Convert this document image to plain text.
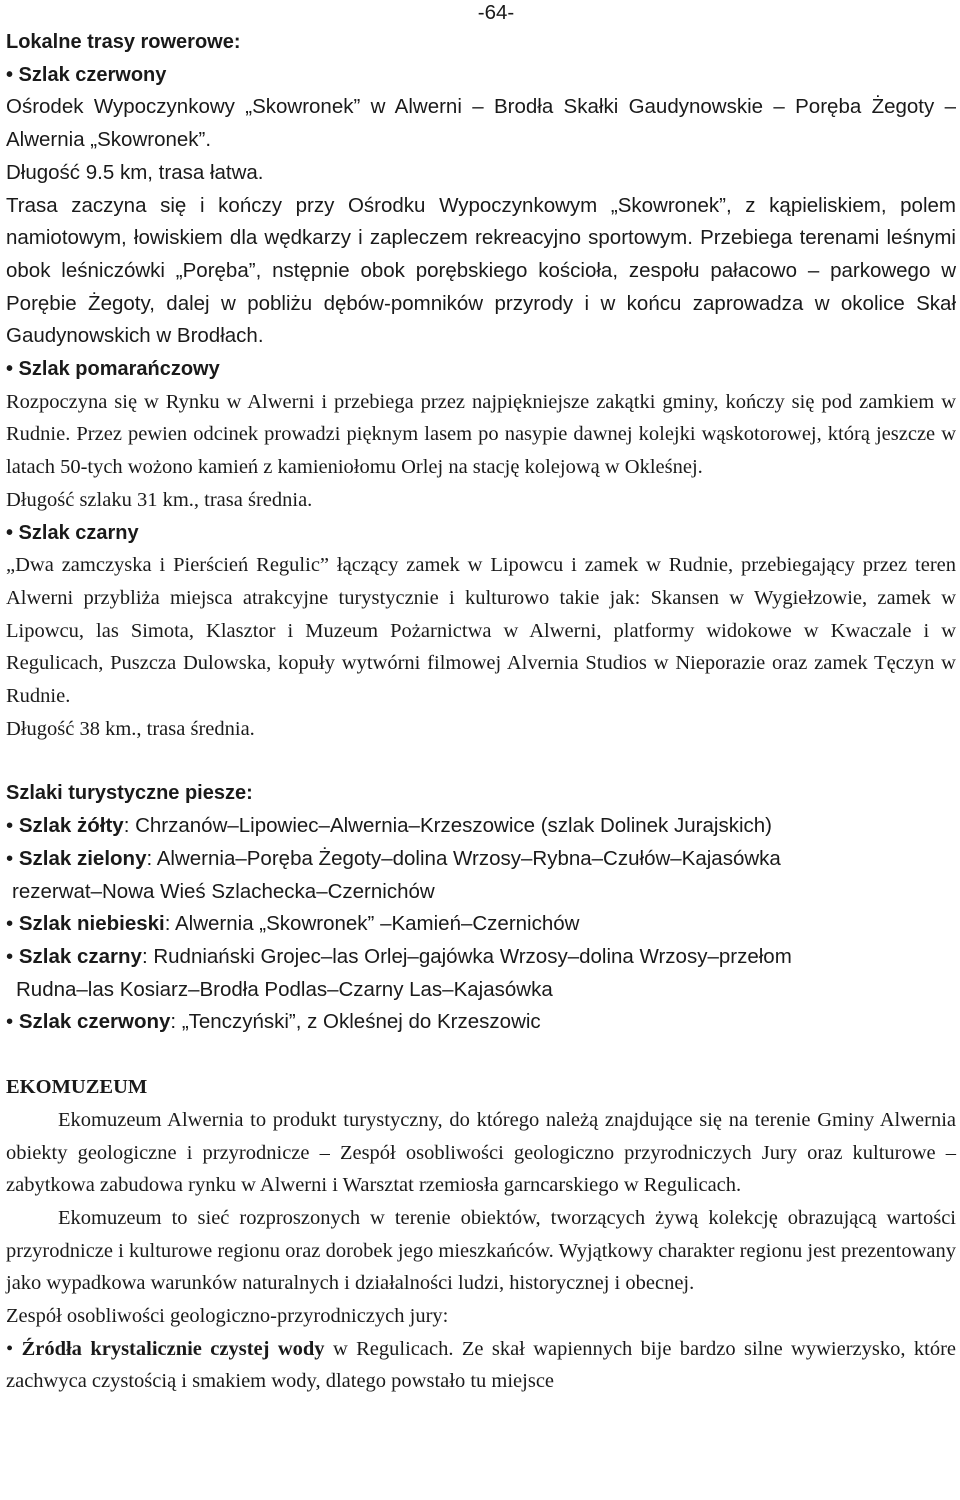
-64-

Lokalne trasy rowerowe:

• Szlak czerwony

Ośrodek Wypoczynkowy „Skowronek” w Alwerni – Brodła Skałki Gaudynowskie – Poręba Żegoty – Alwernia „Skowronek”.

Długość 9.5 km, trasa łatwa.

Trasa zaczyna się i kończy przy Ośrodku Wypoczynkowym „Skowronek”, z kąpieliskiem, polem namiotowym, łowiskiem dla wędkarzy i zapleczem rekreacyjno sportowym. Przebiega terenami leśnymi obok leśniczówki „Poręba”, nstępnie obok porębskiego kościoła, zespołu pałacowo – parkowego w Porębie Żegoty, dalej w pobliżu dębów-pomników przyrody i w końcu zaprowadza w okolice Skał Gaudynowskich w Brodłach.

• Szlak pomarańczowy

Rozpoczyna się w Rynku w Alwerni i przebiega przez najpiękniejsze zakątki gminy, kończy się pod zamkiem w Rudnie. Przez pewien odcinek prowadzi pięknym lasem po nasypie dawnej kolejki wąskotorowej, którą jeszcze w latach 50-tych wożono kamień z kamieniołomu Orlej na stację kolejową w Okleśnej.

Długość szlaku 31 km., trasa średnia.

• Szlak czarny

„Dwa zamczyska i Pierścień Regulic” łączący zamek w Lipowcu i zamek w Rudnie, przebiegający przez teren Alwerni przybliża miejsca atrakcyjne turystycznie i kulturowo takie jak: Skansen w Wygiełzowie, zamek w Lipowcu, las Simota, Klasztor i Muzeum Pożarnictwa w Alwerni, platformy widokowe w Kwaczale i w Regulicach, Puszcza Dulowska, kopuły wytwórni filmowej Alvernia Studios w Nieporazie oraz zamek Tęczyn w Rudnie.

Długość 38 km., trasa średnia.

Szlaki turystyczne piesze:

• Szlak żółty: Chrzanów–Lipowiec–Alwernia–Krzeszowice (szlak Dolinek Jurajskich)

• Szlak zielony: Alwernia–Poręba Żegoty–dolina Wrzosy–Rybna–Czułów–Kajasówka

rezerwat–Nowa Wieś Szlachecka–Czernichów

• Szlak niebieski: Alwernia „Skowronek” –Kamień–Czernichów

• Szlak czarny: Rudniański Grojec–las Orlej–gajówka Wrzosy–dolina Wrzosy–przełom

Rudna–las Kosiarz–Brodła Podlas–Czarny Las–Kajasówka

• Szlak czerwony: „Tenczyński”, z Okleśnej do Krzeszowic

EKOMUZEUM

Ekomuzeum Alwernia to produkt turystyczny, do którego należą znajdujące się na terenie Gminy Alwernia obiekty geologiczne i przyrodnicze – Zespół osobliwości geologiczno przyrodniczych Jury oraz kulturowe – zabytkowa zabudowa rynku w Alwerni i Warsztat rzemiosła garncarskiego w Regulicach.

Ekomuzeum to sieć rozproszonych w terenie obiektów, tworzących żywą kolekcję obrazującą wartości przyrodnicze i kulturowe regionu oraz dorobek jego mieszkańców. Wyjątkowy charakter regionu jest prezentowany jako wypadkowa warunków naturalnych i działalności ludzi, historycznej i obecnej.

Zespół osobliwości geologiczno-przyrodniczych jury:

• Źródła krystalicznie czystej wody w Regulicach. Ze skał wapiennych bije bardzo silne wywierzysko, które zachwyca czystością i smakiem wody, dlatego powstało tu miejsce
